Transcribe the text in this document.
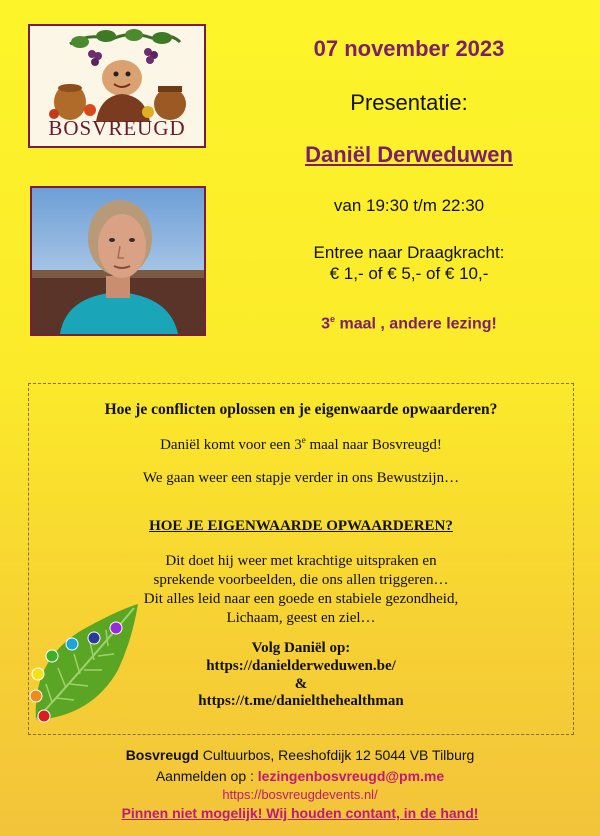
BOSVREUGD
07 november 2023
Presentatie:
Daniël Derweduwen
van 19:30 t/m 22:30
Entree naar Draagkracht:
€ 1,- of € 5,- of € 10,-
3e maal , andere lezing!
Hoe je conflicten oplossen en je eigenwaarde opwaarderen?
Daniël komt voor een 3e maal naar Bosvreugd!
We gaan weer een stapje verder in ons Bewustzijn…
HOE JE EIGENWAARDE OPWAARDEREN?
Dit doet hij weer met krachtige uitspraken en
sprekende voorbeelden, die ons allen triggeren…
Dit alles leid naar een goede en stabiele gezondheid,
Lichaam, geest en ziel…
Volg Daniël op:
https://danielderweduwen.be/
&
https://t.me/danielthehealthman
Bosvreugd Cultuurbos, Reeshofdijk 12 5044 VB Tilburg
Aanmelden op : lezingenbosvreugd@pm.me
https://bosvreugdevents.nl/
Pinnen niet mogelijk! Wij houden contant, in de hand!
